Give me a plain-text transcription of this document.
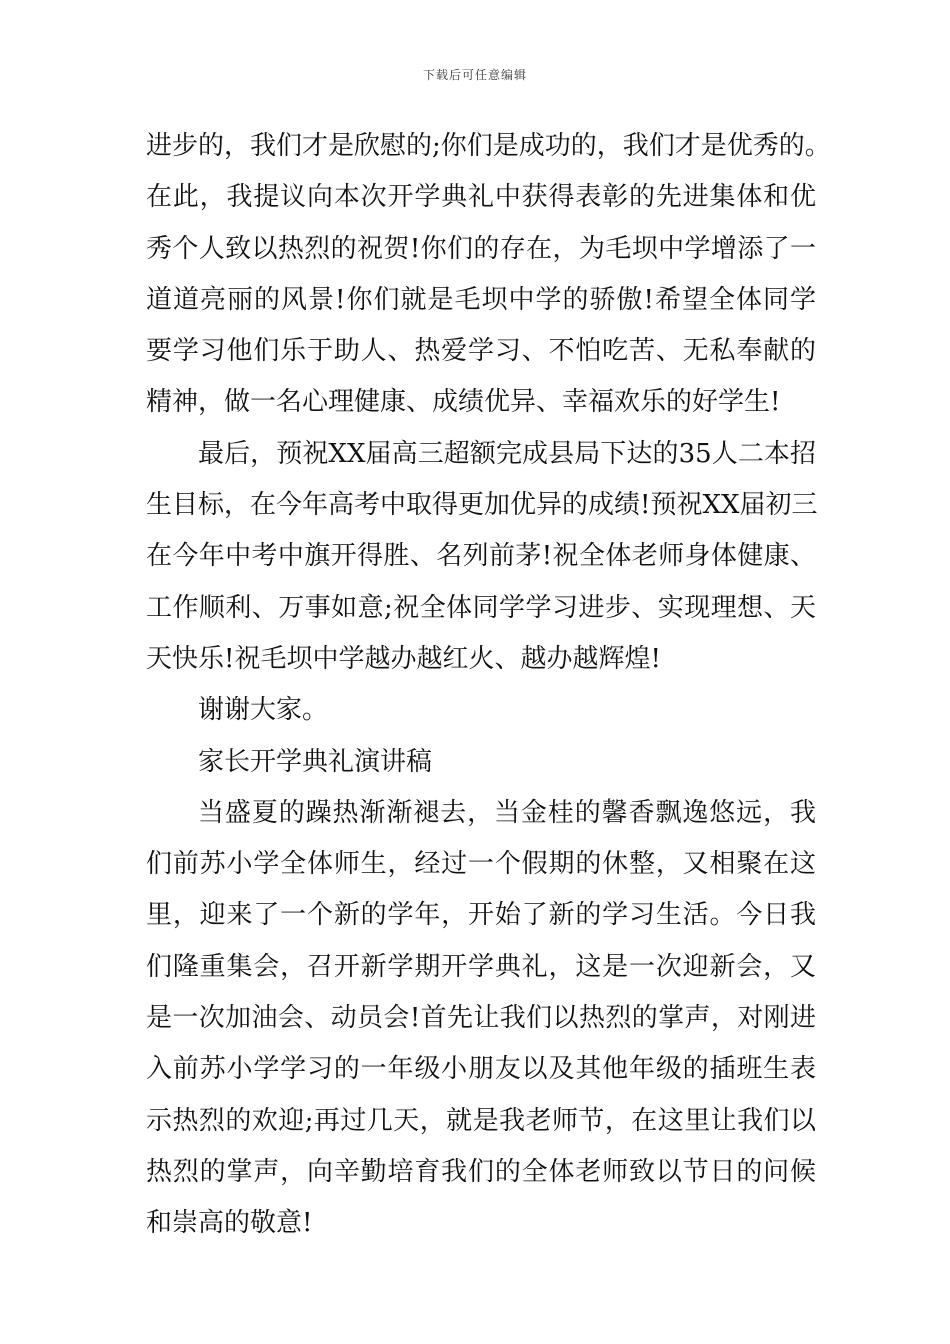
下载后可任意编辑
进步的，我们才是欣慰的;你们是成功的，我们才是优秀的。
在此，我提议向本次开学典礼中获得表彰的先进集体和优
秀个人致以热烈的祝贺!你们的存在，为毛坝中学增添了一
道道亮丽的风景!你们就是毛坝中学的骄傲!希望全体同学
要学习他们乐于助人、热爱学习、不怕吃苦、无私奉献的
精神，做一名心理健康、成绩优异、幸福欢乐的好学生!
最后，预祝XX届高三超额完成县局下达的35人二本招
生目标，在今年高考中取得更加优异的成绩!预祝XX届初三
在今年中考中旗开得胜、名列前茅!祝全体老师身体健康、
工作顺利、万事如意;祝全体同学学习进步、实现理想、天
天快乐!祝毛坝中学越办越红火、越办越辉煌!
谢谢大家。
家长开学典礼演讲稿
当盛夏的躁热渐渐褪去，当金桂的馨香飘逸悠远，我
们前苏小学全体师生，经过一个假期的休整，又相聚在这
里，迎来了一个新的学年，开始了新的学习生活。今日我
们隆重集会，召开新学期开学典礼，这是一次迎新会，又
是一次加油会、动员会!首先让我们以热烈的掌声，对刚进
入前苏小学学习的一年级小朋友以及其他年级的插班生表
示热烈的欢迎;再过几天，就是我老师节，在这里让我们以
热烈的掌声，向辛勤培育我们的全体老师致以节日的问候
和崇高的敬意!
